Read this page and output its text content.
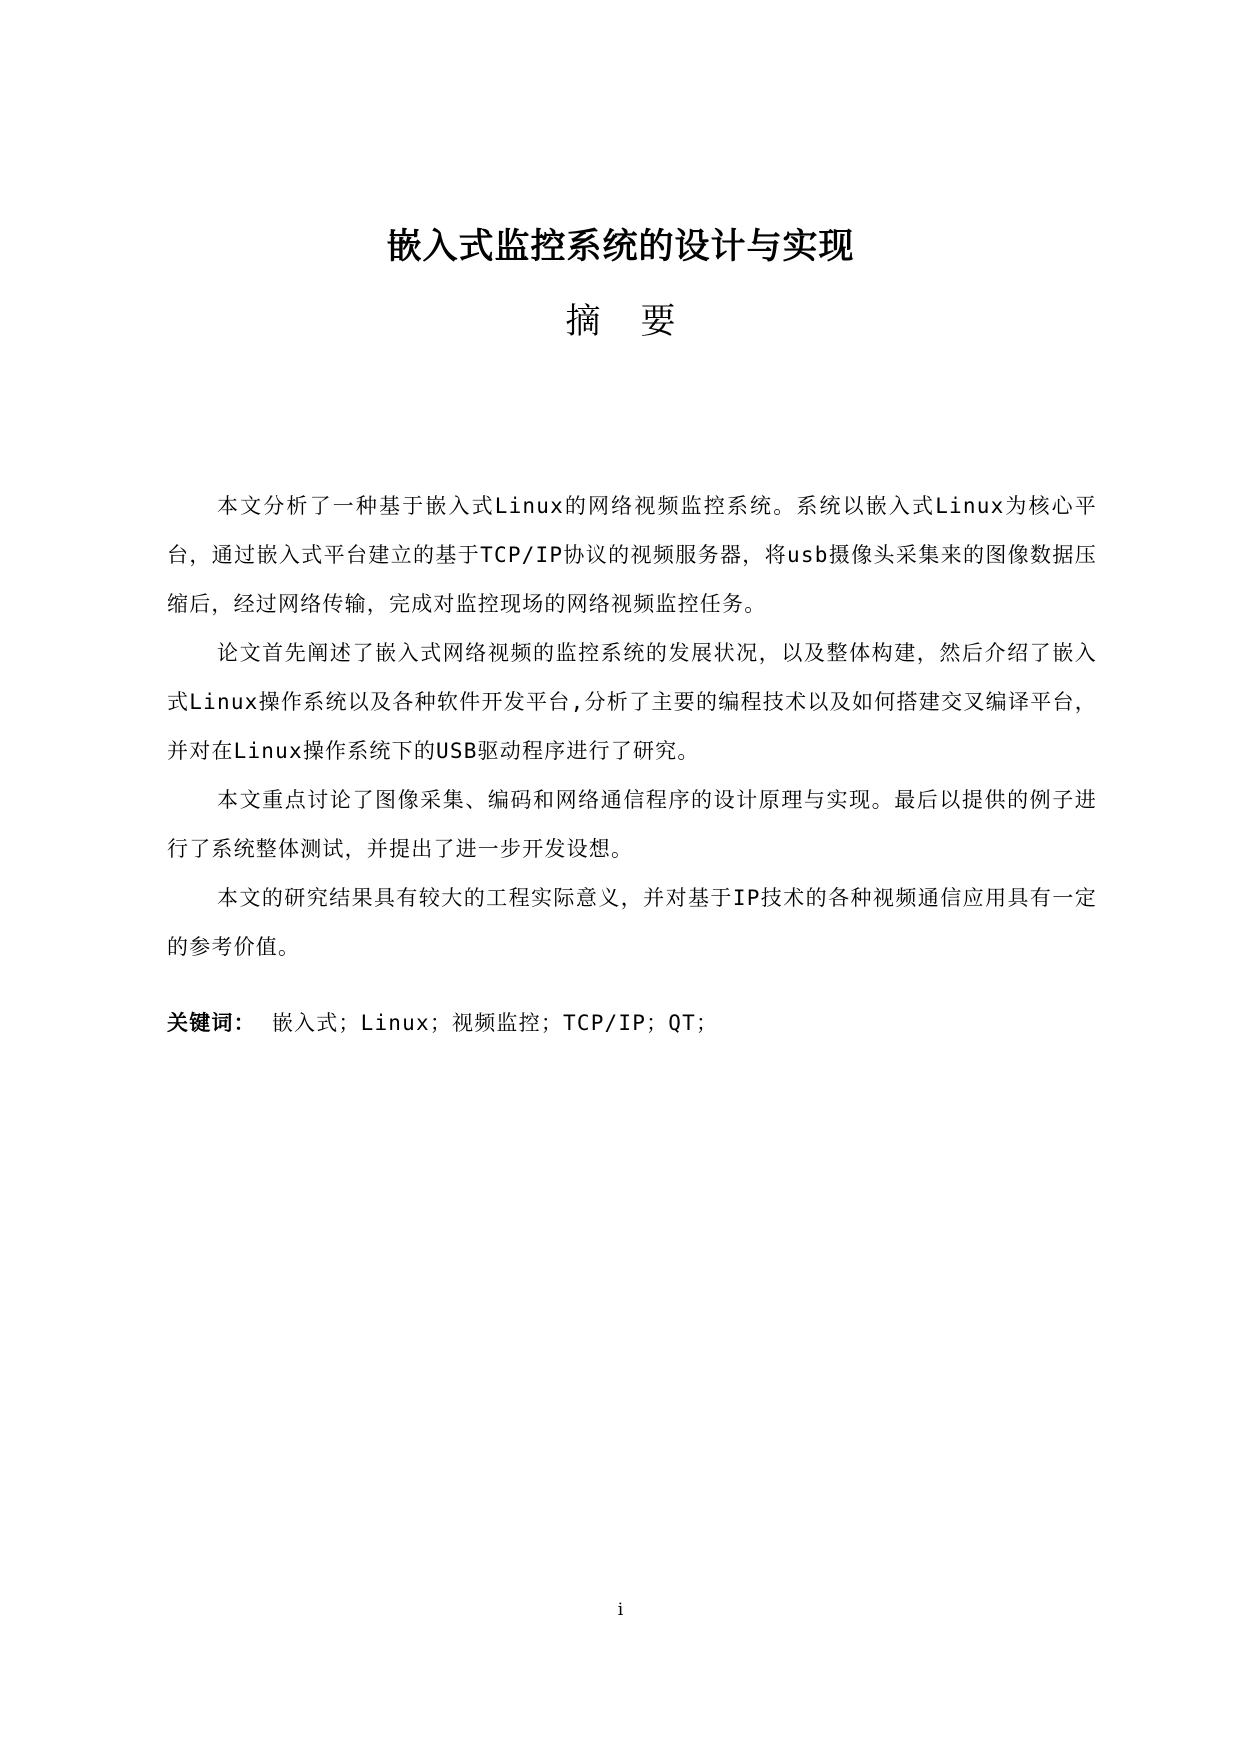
嵌入式监控系统的设计与实现
摘 要

本文分析了一种基于嵌入式Linux的网络视频监控系统。系统以嵌入式Linux为核心平台，通过嵌入式平台建立的基于TCP/IP协议的视频服务器，将usb摄像头采集来的图像数据压缩后，经过网络传输，完成对监控现场的网络视频监控任务。

论文首先阐述了嵌入式网络视频的监控系统的发展状况，以及整体构建，然后介绍了嵌入式Linux操作系统以及各种软件开发平台,分析了主要的编程技术以及如何搭建交叉编译平台，并对在Linux操作系统下的USB驱动程序进行了研究。

本文重点讨论了图像采集、编码和网络通信程序的设计原理与实现。最后以提供的例子进行了系统整体测试，并提出了进一步开发设想。

本文的研究结果具有较大的工程实际意义，并对基于IP技术的各种视频通信应用具有一定的参考价值。

关键词： 嵌入式；Linux；视频监控；TCP/IP；QT；
i
